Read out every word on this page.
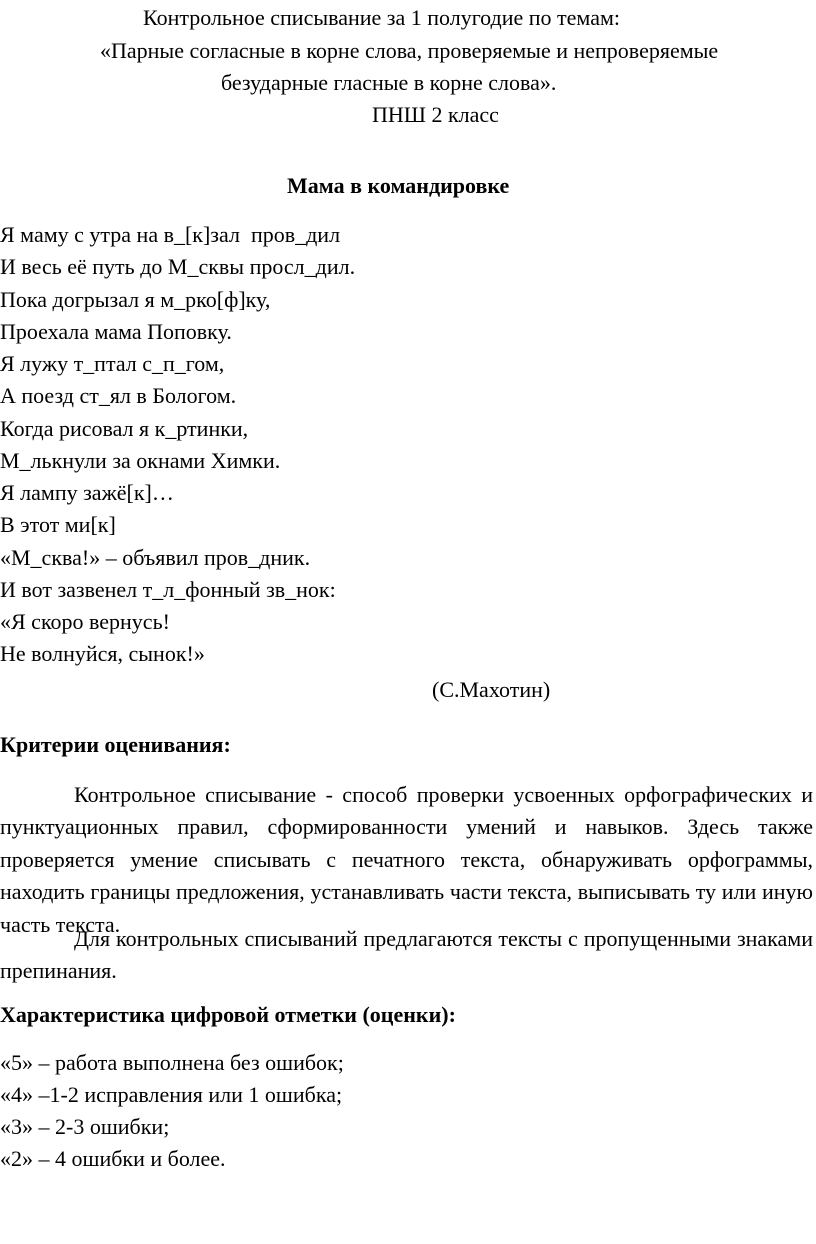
Контрольное списывание за 1 полугодие по темам:
«Парные согласные в корне слова, проверяемые и непроверяемые
безударные гласные в корне слова».
ПНШ 2 класс
Мама в командировке
Я маму с утра на в_[к]зал  пров_дил
И весь её путь до М_сквы просл_дил.
Пока догрызал я м_рко[ф]ку,
Проехала мама Поповку.
Я лужу т_птал с_п_гом,
А поезд ст_ял в Бологом.
Когда рисовал я к_ртинки,
М_лькнули за окнами Химки.
Я лампу зажё[к]…
В этот ми[к]
«М_сква!» – объявил пров_дник.
И вот зазвенел т_л_фонный зв_нок:
«Я скоро вернусь!
Не волнуйся, сынок!»
(С.Махотин)
Критерии оценивания:
Контрольное списывание - способ проверки усвоенных орфографических и пунктуационных правил, сформированности умений и навыков. Здесь также проверяется умение списывать с печатного текста, обнаруживать орфограммы, находить границы предложения, устанавливать части текста, выписывать ту или иную часть текста.
Для контрольных списываний предлагаются тексты с пропущенными знаками препинания.
Характеристика цифровой отметки (оценки):
«5» – работа выполнена без ошибок;
«4» –1-2 исправления или 1 ошибка;
«3» – 2-3 ошибки;
«2» – 4 ошибки и более.
